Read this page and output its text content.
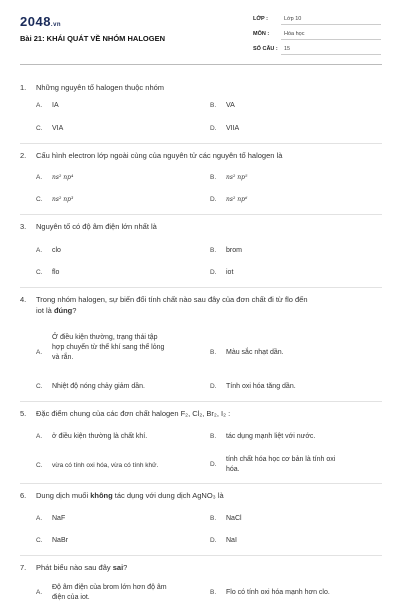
2048.vn
Bài 21: KHÁI QUÁT VỀ NHÓM HALOGEN
LỚP :	Lớp 10
MÔN :	Hóa học
SỐ CÂU : 15
1. Những nguyên tố halogen thuộc nhóm
A. IA	B. VA
C. VIA	D. VIIA
2. Cấu hình electron lớp ngoài cùng của nguyên tử các nguyên tố halogen là
A. ns² np⁴	B. ns² np⁵
C. ns² np³	D. ns² np⁶
3. Nguyên tố có độ âm điện lớn nhất là
A. clo	B. brom
C. flo	D. iot
4. Trong nhóm halogen, sự biến đổi tính chất nào sau đây của đơn chất đi từ flo đến
iot là đúng?
A.
Ở điều kiện thường, trạng thái tập
hợp chuyển từ thể khí sang thể lỏng
và rắn.
B. Màu sắc nhạt dần.
C. Nhiệt độ nóng chảy giảm dần.	D. Tính oxi hóa tăng dần.
5. Đặc điểm chung của các đơn chất halogen F₂, Cl₂, Br₂, I₂ :
A. ở điều kiện thường là chất khí.	B. tác dụng mạnh liệt với nước.
C. vừa có tính oxi hóa, vừa có tính khử.	D.
tính chất hóa học cơ bản là tính oxi
hóa.
6. Dung dịch muối không tác dụng với dung dịch AgNO₃ là
A. NaF	B. NaCl
C. NaBr	D. NaI
7. Phát biểu nào sau đây sai?
A.
Độ âm điện của brom lớn hơn độ âm
điện của iot.
B. Flo có tính oxi hóa mạnh hơn clo.
